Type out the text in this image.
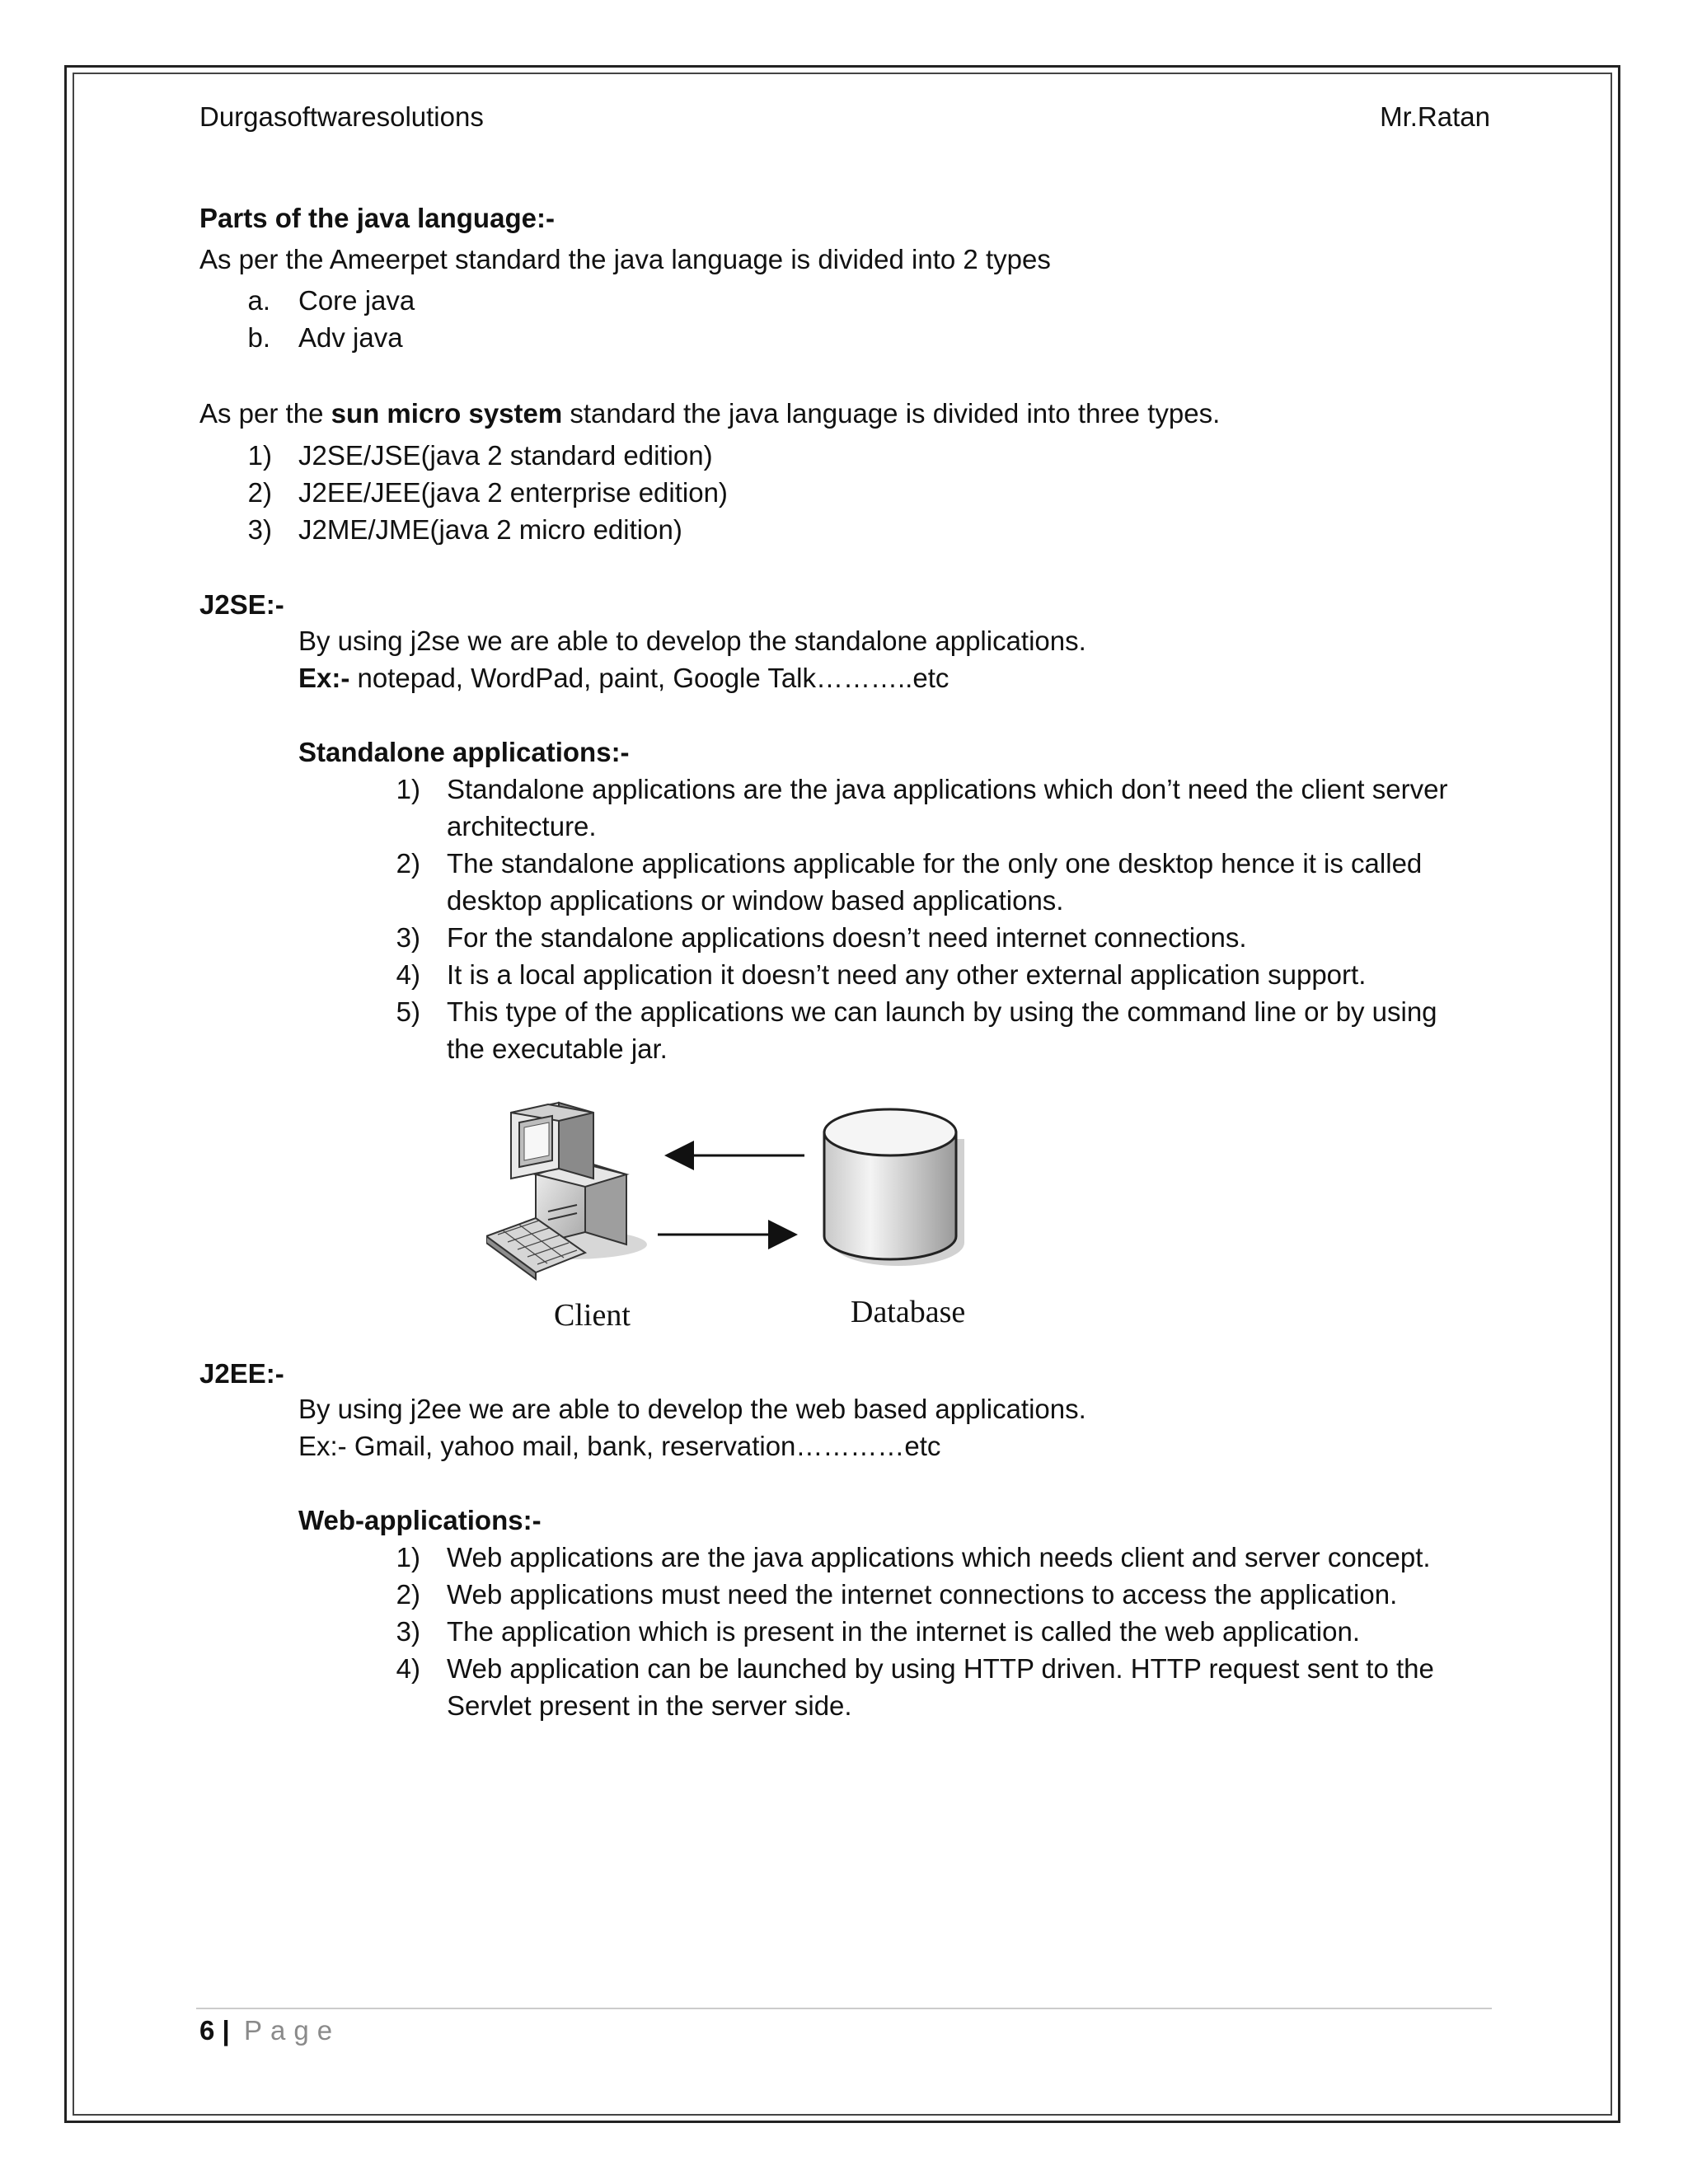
Durgasoftwaresolutions	Mr.Ratan
Parts of the java language:-
As per the Ameerpet standard the java language is divided into 2 types
a. Core java
b. Adv java
As per the sun micro system standard the java language is divided into three types.
1) J2SE/JSE(java 2 standard edition)
2) J2EE/JEE(java 2 enterprise edition)
3) J2ME/JME(java 2 micro edition)
J2SE:-
By using j2se we are able to develop the standalone applications.
Ex:- notepad, WordPad, paint, Google Talk………..etc
Standalone applications:-
1) Standalone applications are the java applications which don’t need the client server
architecture.
2) The standalone applications applicable for the only one desktop hence it is called
desktop applications or window based applications.
3) For the standalone applications doesn’t need internet connections.
4) It is a local application it doesn’t need any other external application support.
5) This type of the applications we can launch by using the command line or by using
the executable jar.
Client	Database
J2EE:-
By using j2ee we are able to develop the web based applications.
Ex:- Gmail, yahoo mail, bank, reservation…………etc
Web-applications:-
1) Web applications are the java applications which needs client and server concept.
2) Web applications must need the internet connections to access the application.
3) The application which is present in the internet is called the web application.
4) Web application can be launched by using HTTP driven. HTTP request sent to the
Servlet present in the server side.
6 | Page
